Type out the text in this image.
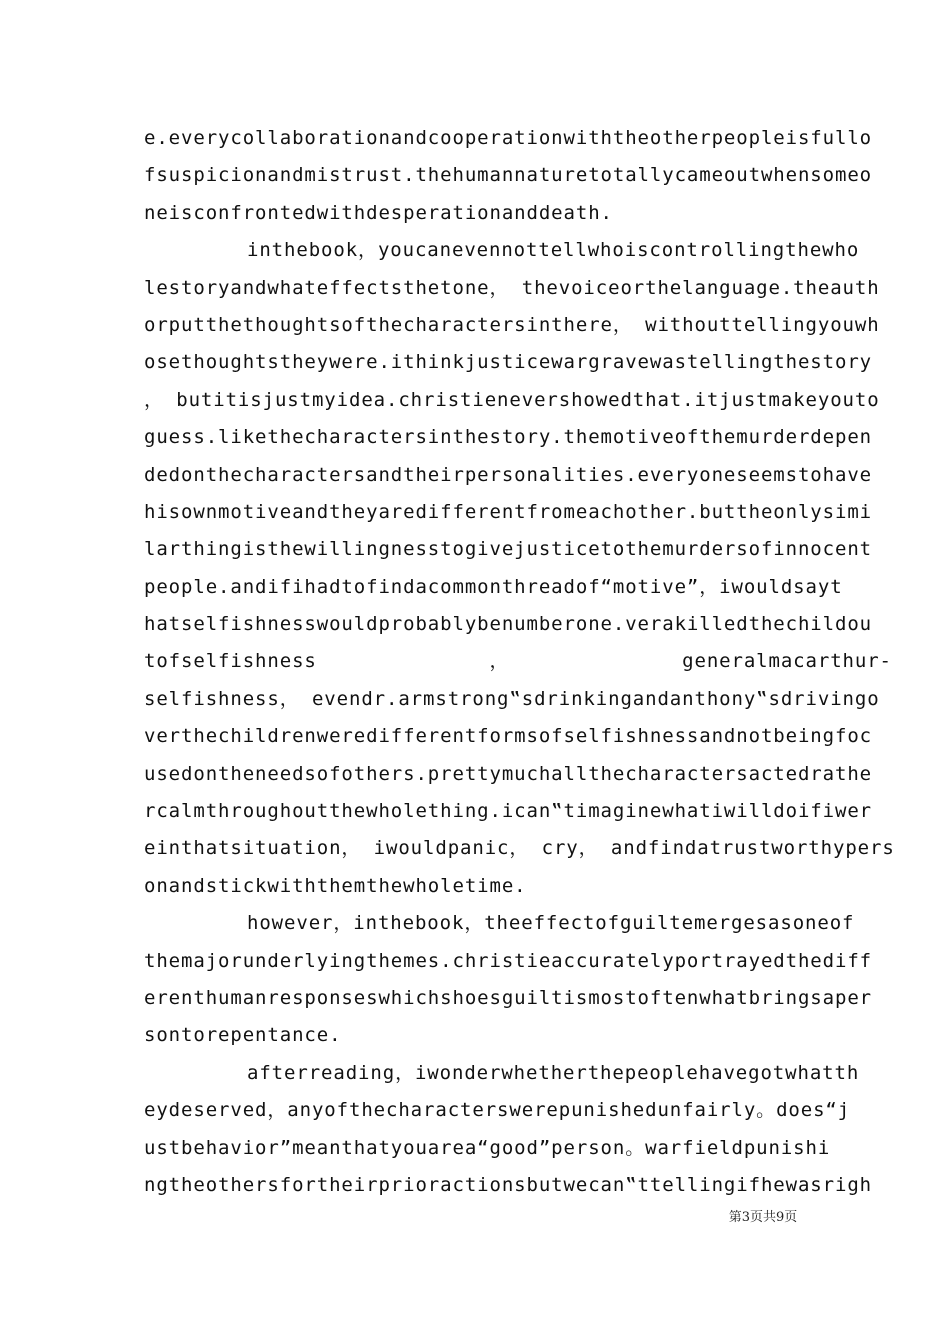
e.everycollaborationandcooperationwiththeotherpeopleisfullo
fsuspicionandmistrust.thehumannaturetotallycameoutwhensomeo
neisconfrontedwithdesperationanddeath.
inthebook，youcanevennottellwhoiscontrollingthewho
lestoryandwhateffectsthetone， thevoiceorthelanguage.theauth
orputthethoughtsofthecharactersinthere， withouttellingyouwh
osethoughtstheywere.ithinkjusticewargravewastellingthestory
， butitisjustmyidea.christienevershowedthat.itjustmakeyouto
guess.likethecharactersinthestory.themotiveofthemurderdepen
dedonthecharactersandtheirpersonalities.everyoneseemstohave
hisownmotiveandtheyaredifferentfromeachother.buttheonlysimi
larthingisthewillingnesstogivejusticetothemurdersofinnocent
people.andifihadtofindacommonthreadof“motive”，iwouldsayt
hatselfishnesswouldprobablybenumberone.verakilledthechildou
tofselfishness              ，              generalmacarthur-
selfishness， evendr.armstrong‟sdrinkingandanthony‟sdrivingo
verthechildrenweredifferentformsofselfishnessandnotbeingfoc
usedontheneedsofothers.prettymuchallthecharactersactedrathe
rcalmthroughoutthewholething.ican‟timaginewhatiwilldoifiwer
einthatsituation， iwouldpanic， cry， andfindatrustworthypers
onandstickwiththemthewholetime.
however，inthebook，theeffectofguiltemergesasoneof
themajorunderlyingthemes.christieaccuratelyportrayedthediff
erenthumanresponseswhichshoesguiltismostoftenwhatbringsaper
sontorepentance.
afterreading，iwonderwhetherthepeoplehavegotwhatth
eydeserved，anyofthecharacterswerepunishedunfairly。does“j
ustbehavior”meanthatyouarea“good”person。warfieldpunishi
ngtheothersfortheirprioractionsbutwecan‟ttellingifhewasrigh
第3页共9页
